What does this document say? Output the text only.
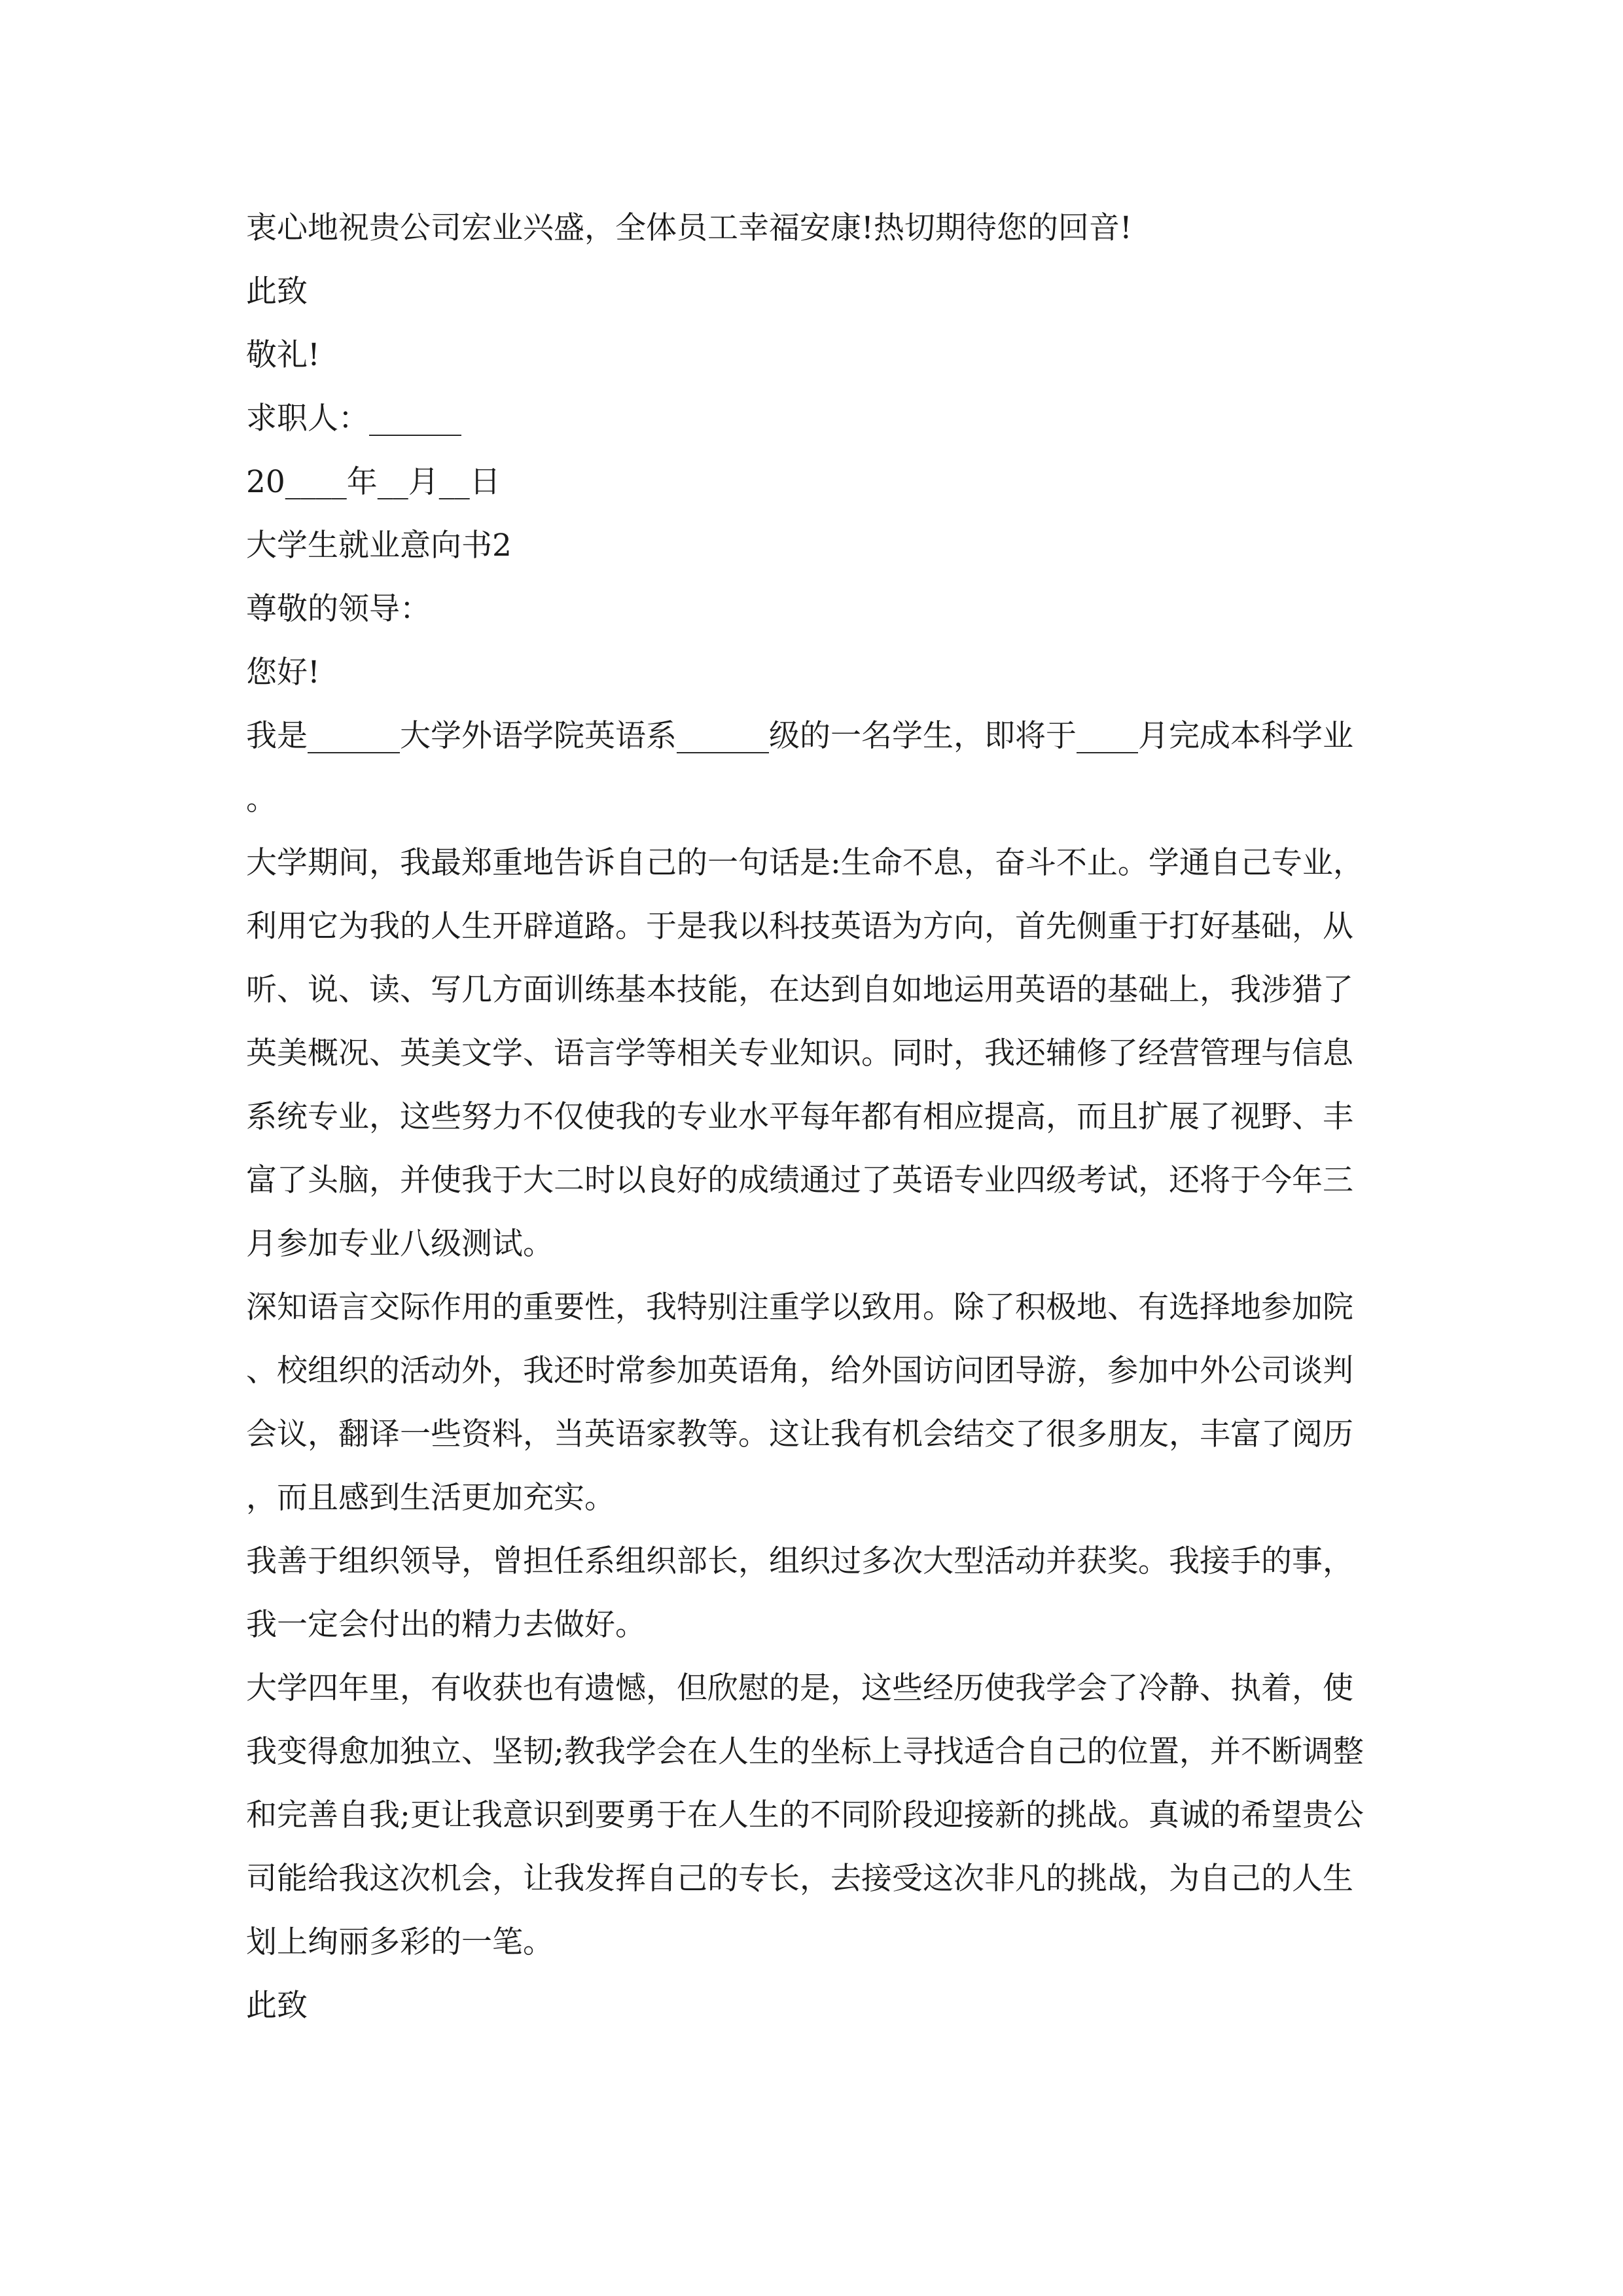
衷心地祝贵公司宏业兴盛，全体员工幸福安康!热切期待您的回音!
此致
敬礼!
求职人：______
20____年__月__日
大学生就业意向书2
尊敬的领导：
您好!
我是______大学外语学院英语系______级的一名学生，即将于____月完成本科学业。
大学期间，我最郑重地告诉自己的一句话是:生命不息，奋斗不止。学通自己专业，利用它为我的人生开辟道路。于是我以科技英语为方向，首先侧重于打好基础，从听、说、读、写几方面训练基本技能，在达到自如地运用英语的基础上，我涉猎了英美概况、英美文学、语言学等相关专业知识。同时，我还辅修了经营管理与信息系统专业，这些努力不仅使我的专业水平每年都有相应提高，而且扩展了视野、丰富了头脑，并使我于大二时以良好的成绩通过了英语专业四级考试，还将于今年三月参加专业八级测试。
深知语言交际作用的重要性，我特别注重学以致用。除了积极地、有选择地参加院、校组织的活动外，我还时常参加英语角，给外国访问团导游，参加中外公司谈判会议，翻译一些资料，当英语家教等。这让我有机会结交了很多朋友，丰富了阅历，而且感到生活更加充实。
我善于组织领导，曾担任系组织部长，组织过多次大型活动并获奖。我接手的事，我一定会付出的精力去做好。
大学四年里，有收获也有遗憾，但欣慰的是，这些经历使我学会了冷静、执着，使我变得愈加独立、坚韧;教我学会在人生的坐标上寻找适合自己的位置，并不断调整和完善自我;更让我意识到要勇于在人生的不同阶段迎接新的挑战。真诚的希望贵公司能给我这次机会，让我发挥自己的专长，去接受这次非凡的挑战，为自己的人生划上绚丽多彩的一笔。
此致
